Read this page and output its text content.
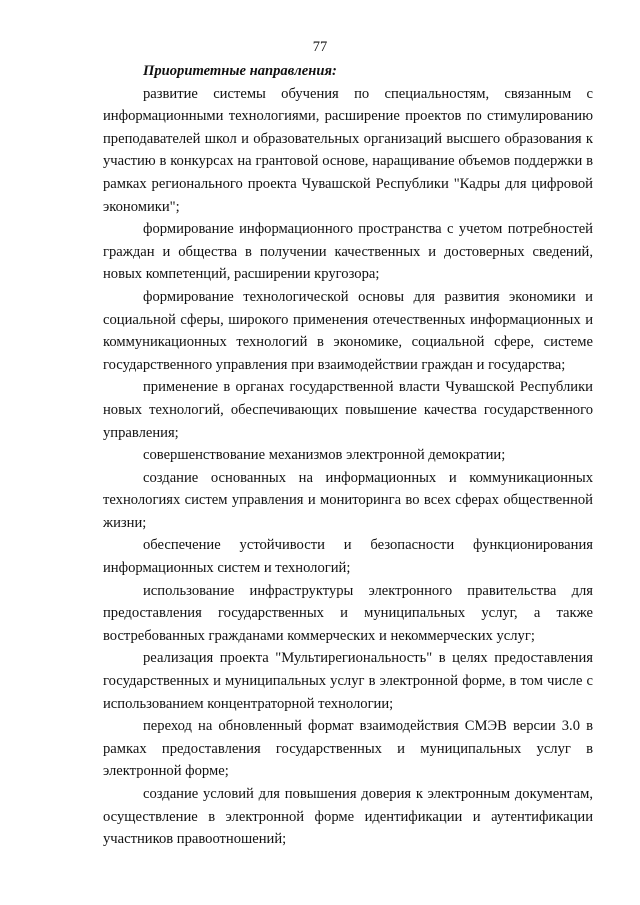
77

Приоритетные направления:

развитие системы обучения по специальностям, связанным с информационными технологиями, расширение проектов по стимулированию преподавателей школ и образовательных организаций высшего образования к участию в конкурсах на грантовой основе, наращивание объемов поддержки в рамках регионального проекта Чувашской Республики "Кадры для цифровой экономики";

формирование информационного пространства с учетом потребностей граждан и общества в получении качественных и достоверных сведений, новых компетенций, расширении кругозора;

формирование технологической основы для развития экономики и социальной сферы, широкого применения отечественных информационных и коммуникационных технологий в экономике, социальной сфере, системе государственного управления при взаимодействии граждан и государства;

применение в органах государственной власти Чувашской Республики новых технологий, обеспечивающих повышение качества государственного управления;

совершенствование механизмов электронной демократии;

создание основанных на информационных и коммуникационных технологиях систем управления и мониторинга во всех сферах общественной жизни;

обеспечение устойчивости и безопасности функционирования информационных систем и технологий;

использование инфраструктуры электронного правительства для предоставления государственных и муниципальных услуг, а также востребованных гражданами коммерческих и некоммерческих услуг;

реализация проекта "Мультирегиональность" в целях предоставления государственных и муниципальных услуг в электронной форме, в том числе с использованием концентраторной технологии;

переход на обновленный формат взаимодействия СМЭВ версии 3.0 в рамках предоставления государственных и муниципальных услуг в электронной форме;

создание условий для повышения доверия к электронным документам, осуществление в электронной форме идентификации и аутентификации участников правоотношений;
